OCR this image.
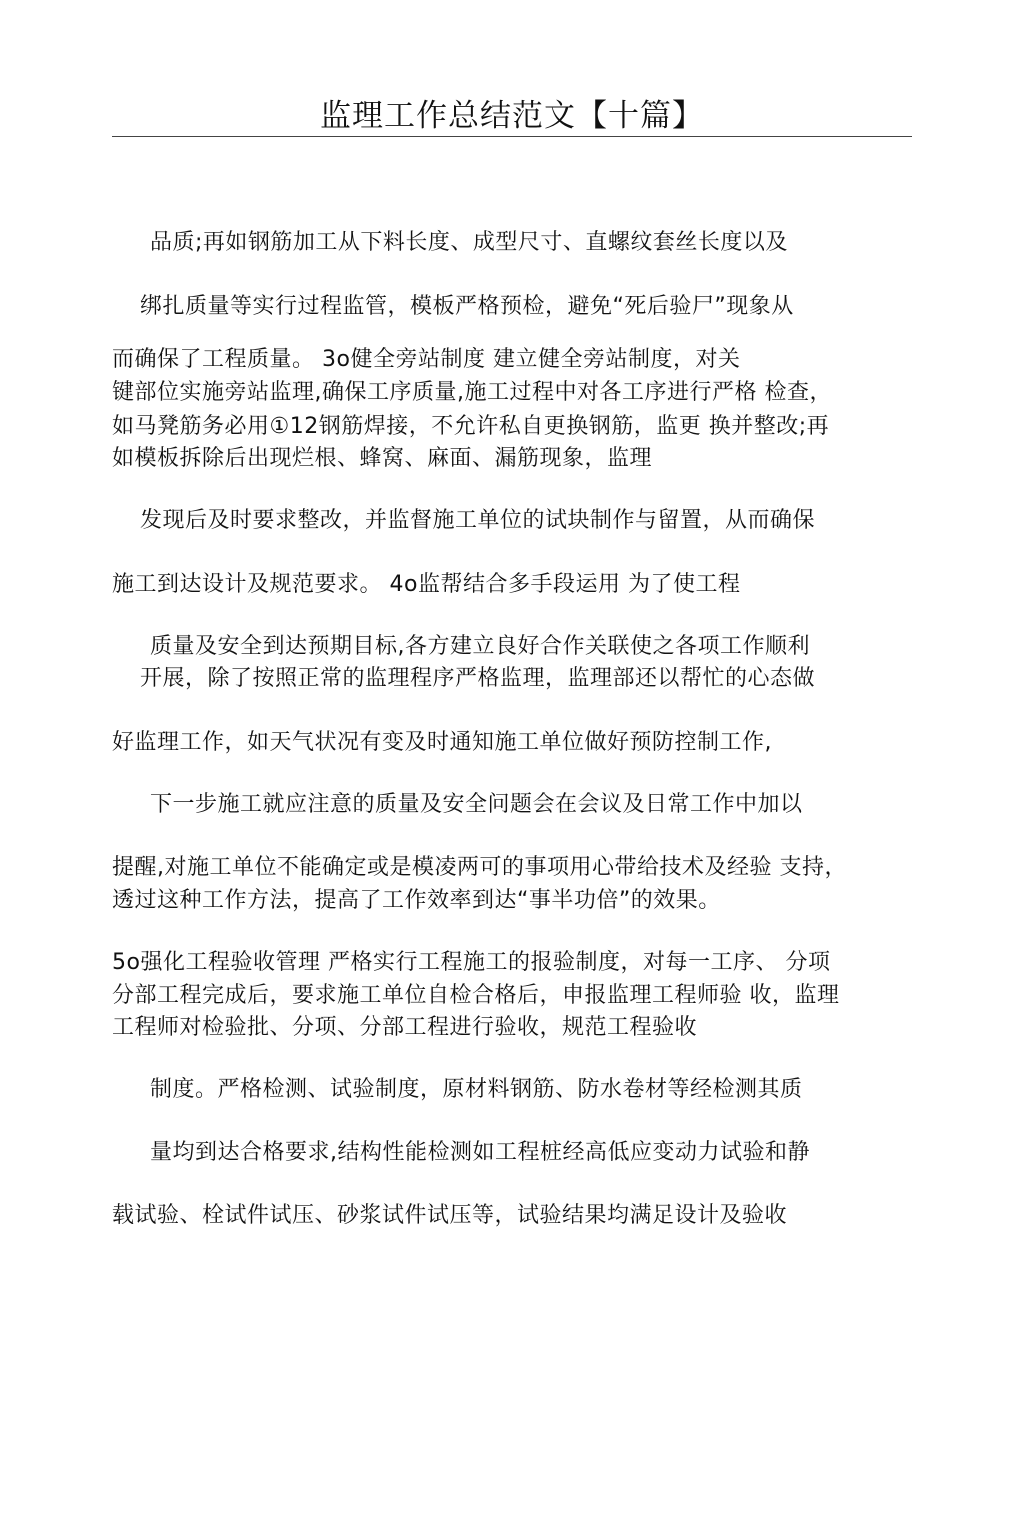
监理工作总结范文【十篇】
品质;再如钢筋加工从下料长度、成型尺寸、直螺纹套丝长度以及
绑扎质量等实行过程监管，模板严格预检，避免“死后验尸”现象从
而确保了工程质量。 3o健全旁站制度 建立健全旁站制度，对关
键部位实施旁站监理,确保工序质量,施工过程中对各工序进行严格 检查，
如马凳筋务必用①12钢筋焊接，不允许私自更换钢筋，监更 换并整改;再
如模板拆除后出现烂根、蜂窝、麻面、漏筋现象，监理
发现后及时要求整改，并监督施工单位的试块制作与留置，从而确保
施工到达设计及规范要求。 4o监帮结合多手段运用 为了使工程
质量及安全到达预期目标,各方建立良好合作关联使之各项工作顺利
开展，除了按照正常的监理程序严格监理，监理部还以帮忙的心态做
好监理工作，如天气状况有变及时通知施工单位做好预防控制工作,
下一步施工就应注意的质量及安全问题会在会议及日常工作中加以
提醒,对施工单位不能确定或是模凌两可的事项用心带给技术及经验 支持，
透过这种工作方法，提高了工作效率到达“事半功倍”的效果。
5o强化工程验收管理 严格实行工程施工的报验制度，对每一工序、 分项
分部工程完成后，要求施工单位自检合格后，申报监理工程师验 收，监理
工程师对检验批、分项、分部工程进行验收，规范工程验收
制度。严格检测、试验制度，原材料钢筋、防水卷材等经检测其质
量均到达合格要求,结构性能检测如工程桩经高低应变动力试验和静
载试验、栓试件试压、砂浆试件试压等，试验结果均满足设计及验收
